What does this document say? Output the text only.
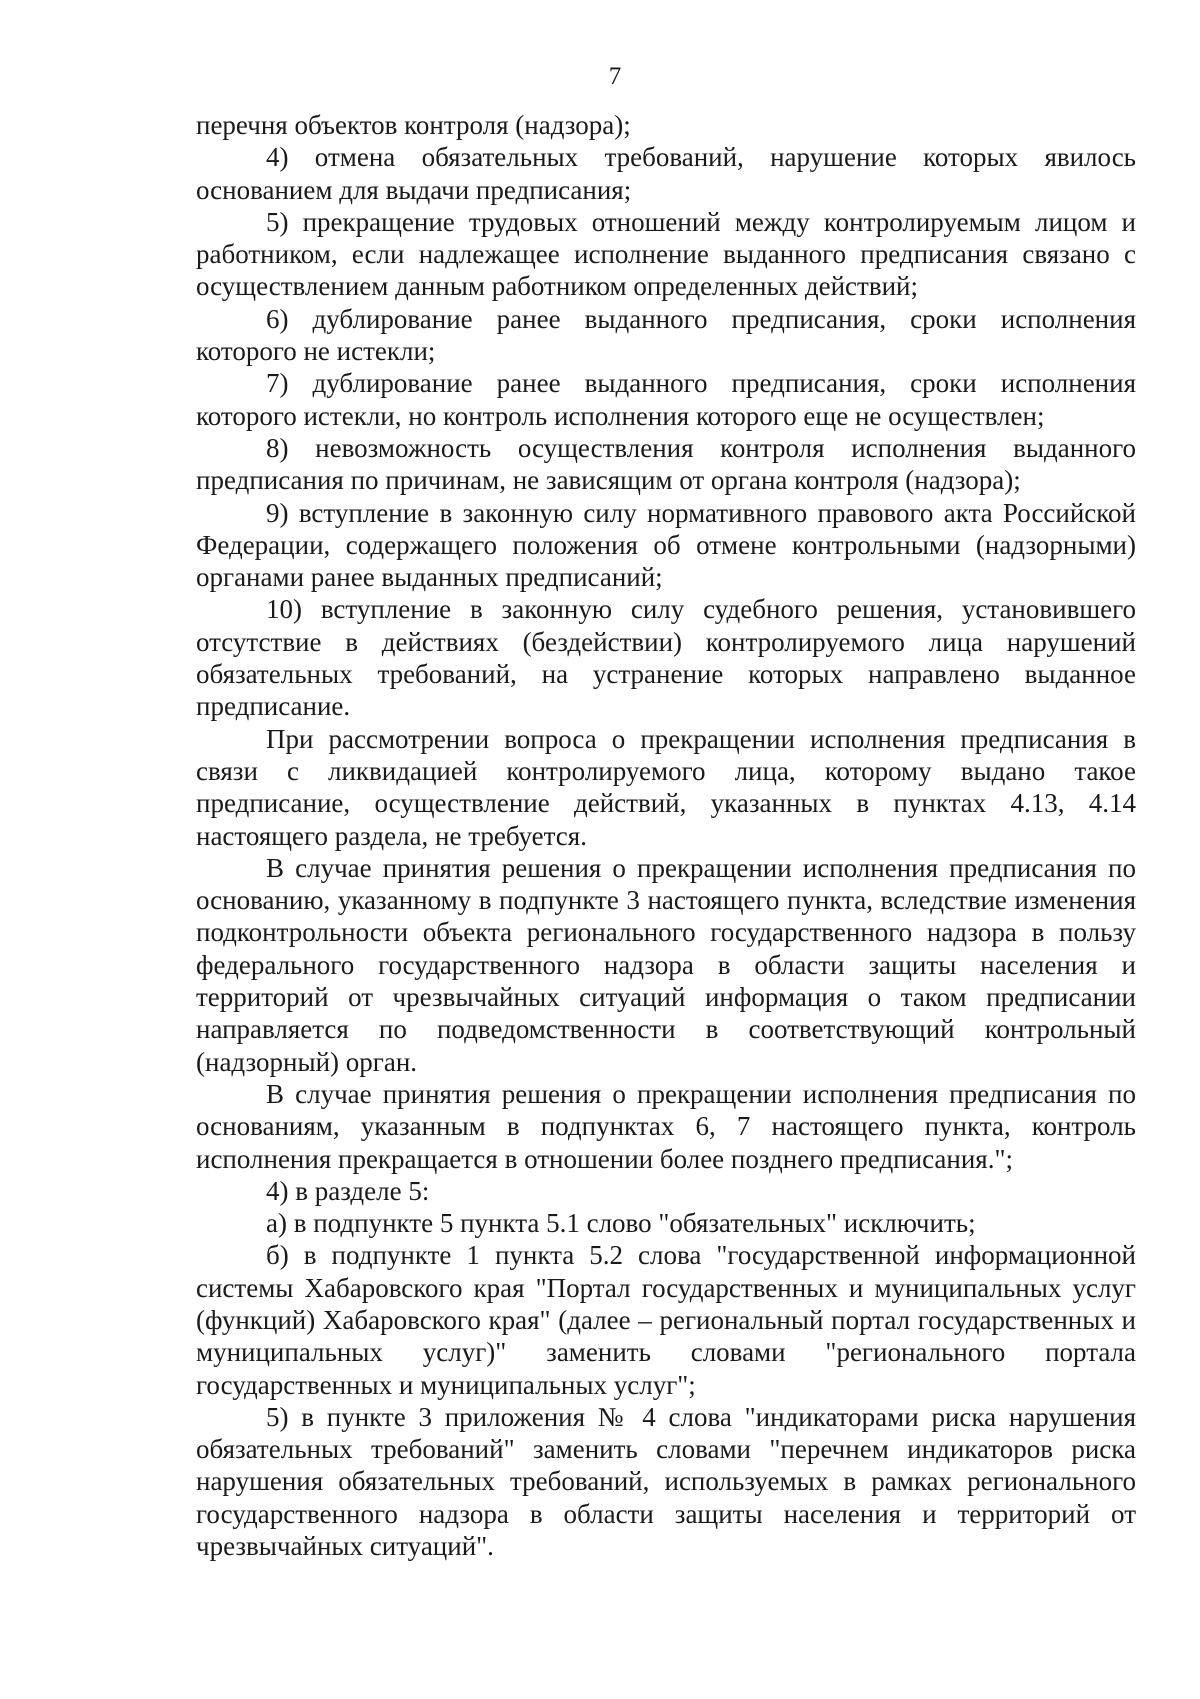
7

перечня объектов контроля (надзора);

4) отмена обязательных требований, нарушение которых явилось основанием для выдачи предписания;

5) прекращение трудовых отношений между контролируемым лицом и работником, если надлежащее исполнение выданного предписания связано с осуществлением данным работником определенных действий;

6) дублирование ранее выданного предписания, сроки исполнения которого не истекли;

7) дублирование ранее выданного предписания, сроки исполнения которого истекли, но контроль исполнения которого еще не осуществлен;

8) невозможность осуществления контроля исполнения выданного предписания по причинам, не зависящим от органа контроля (надзора);

9) вступление в законную силу нормативного правового акта Российской Федерации, содержащего положения об отмене контрольными (надзорными) органами ранее выданных предписаний;

10) вступление в законную силу судебного решения, установившего отсутствие в действиях (бездействии) контролируемого лица нарушений обязательных требований, на устранение которых направлено выданное предписание.

При рассмотрении вопроса о прекращении исполнения предписания в связи с ликвидацией контролируемого лица, которому выдано такое предписание, осуществление действий, указанных в пунктах 4.13, 4.14 настоящего раздела, не требуется.

В случае принятия решения о прекращении исполнения предписания по основанию, указанному в подпункте 3 настоящего пункта, вследствие изменения подконтрольности объекта регионального государственного надзора в пользу федерального государственного надзора в области защиты населения и территорий от чрезвычайных ситуаций информация о таком предписании направляется по подведомственности в соответствующий контрольный (надзорный) орган.

В случае принятия решения о прекращении исполнения предписания по основаниям, указанным в подпунктах 6, 7 настоящего пункта, контроль исполнения прекращается в отношении более позднего предписания.";

4) в разделе 5:

а) в подпункте 5 пункта 5.1 слово "обязательных" исключить;

б) в подпункте 1 пункта 5.2 слова "государственной информационной системы Хабаровского края "Портал государственных и муниципальных услуг (функций) Хабаровского края" (далее – региональный портал государственных и муниципальных услуг)" заменить словами "регионального портала государственных и муниципальных услуг";

5) в пункте 3 приложения № 4 слова "индикаторами риска нарушения обязательных требований" заменить словами "перечнем индикаторов риска нарушения обязательных требований, используемых в рамках регионального государственного надзора в области защиты населения и территорий от чрезвычайных ситуаций".
